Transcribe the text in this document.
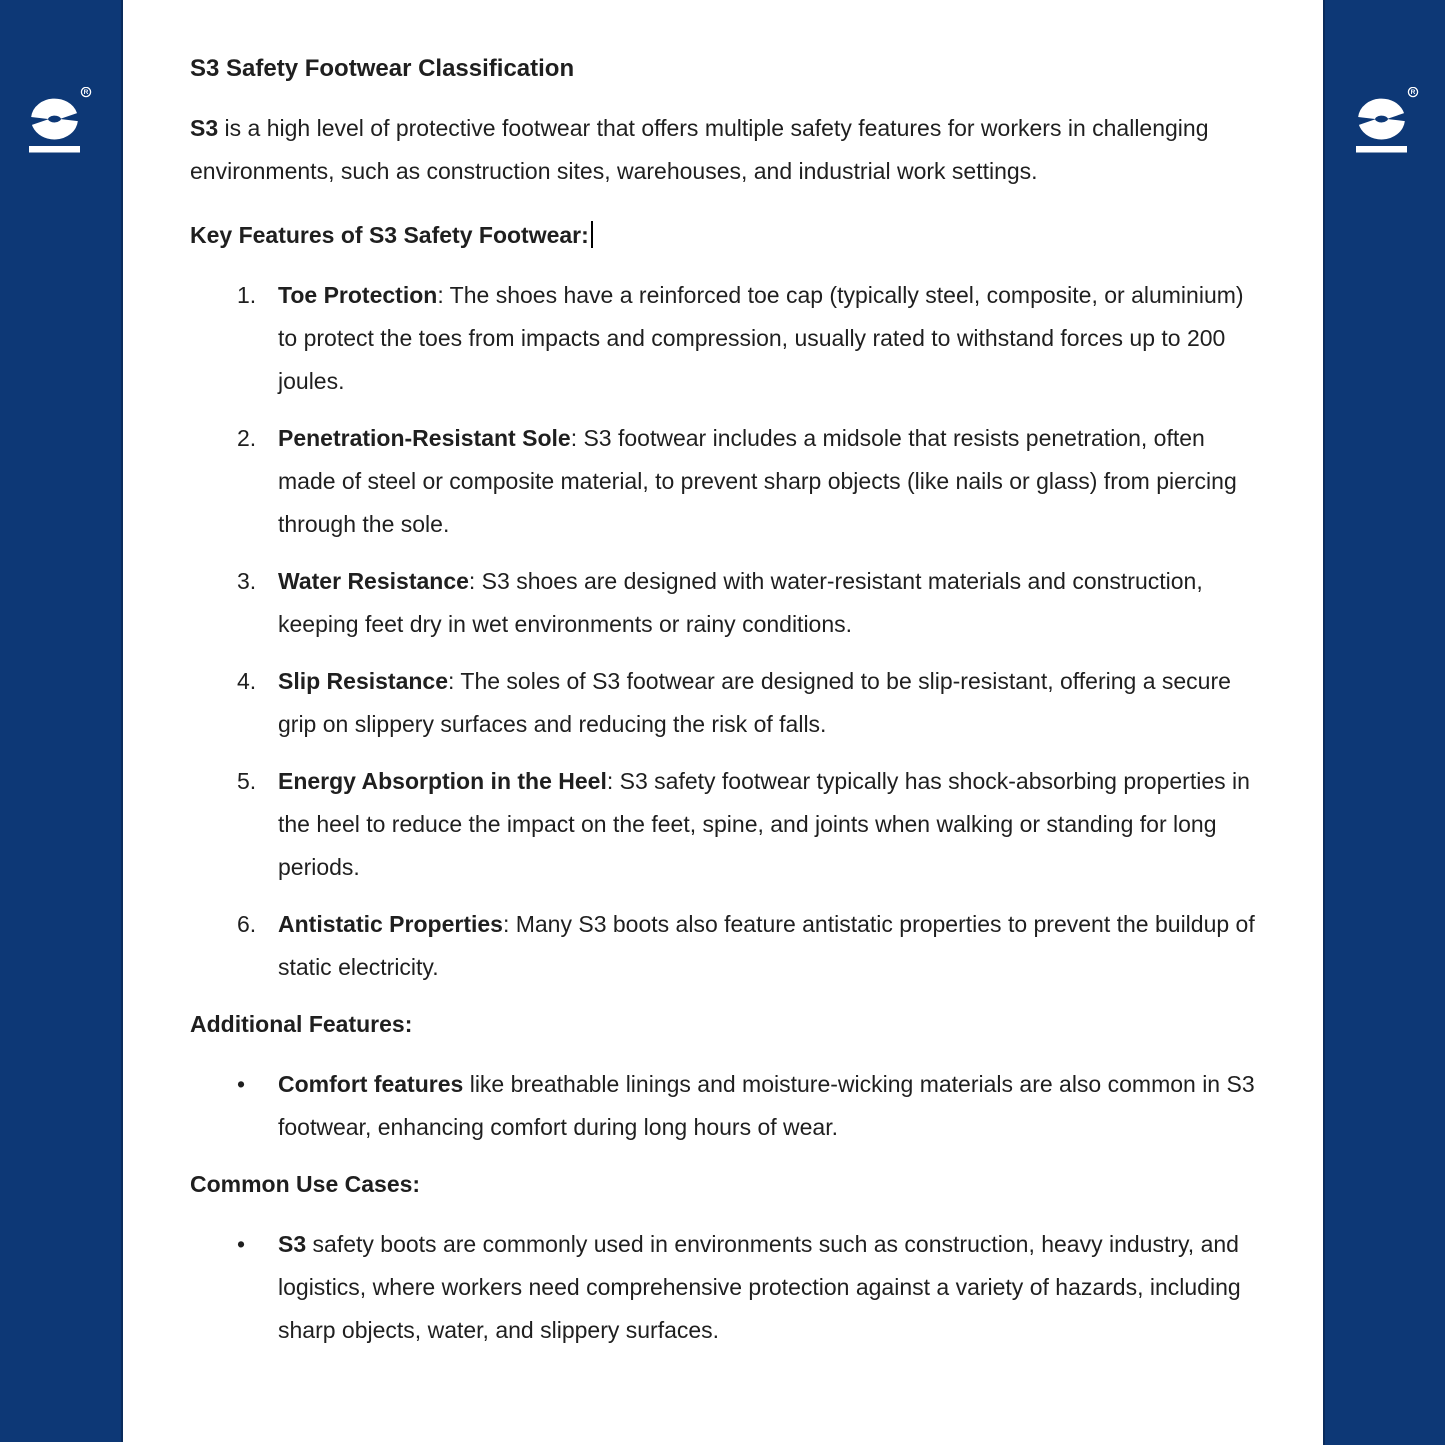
R	R
S3 Safety Footwear Classification

S3 is a high level of protective footwear that offers multiple safety features for workers in challenging environments, such as construction sites, warehouses, and industrial work settings.

Key Features of S3 Safety Footwear:
1. Toe Protection: The shoes have a reinforced toe cap (typically steel, composite, or aluminium) to protect the toes from impacts and compression, usually rated to withstand forces up to 200 joules.
2. Penetration-Resistant Sole: S3 footwear includes a midsole that resists penetration, often made of steel or composite material, to prevent sharp objects (like nails or glass) from piercing through the sole.
3. Water Resistance: S3 shoes are designed with water-resistant materials and construction, keeping feet dry in wet environments or rainy conditions.
4. Slip Resistance: The soles of S3 footwear are designed to be slip-resistant, offering a secure grip on slippery surfaces and reducing the risk of falls.
5. Energy Absorption in the Heel: S3 safety footwear typically has shock-absorbing properties in the heel to reduce the impact on the feet, spine, and joints when walking or standing for long periods.
6. Antistatic Properties: Many S3 boots also feature antistatic properties to prevent the buildup of static electricity.
Additional Features:
•	Comfort features like breathable linings and moisture-wicking materials are also common in S3 footwear, enhancing comfort during long hours of wear.
Common Use Cases:
•	S3 safety boots are commonly used in environments such as construction, heavy industry, and logistics, where workers need comprehensive protection against a variety of hazards, including sharp objects, water, and slippery surfaces.
